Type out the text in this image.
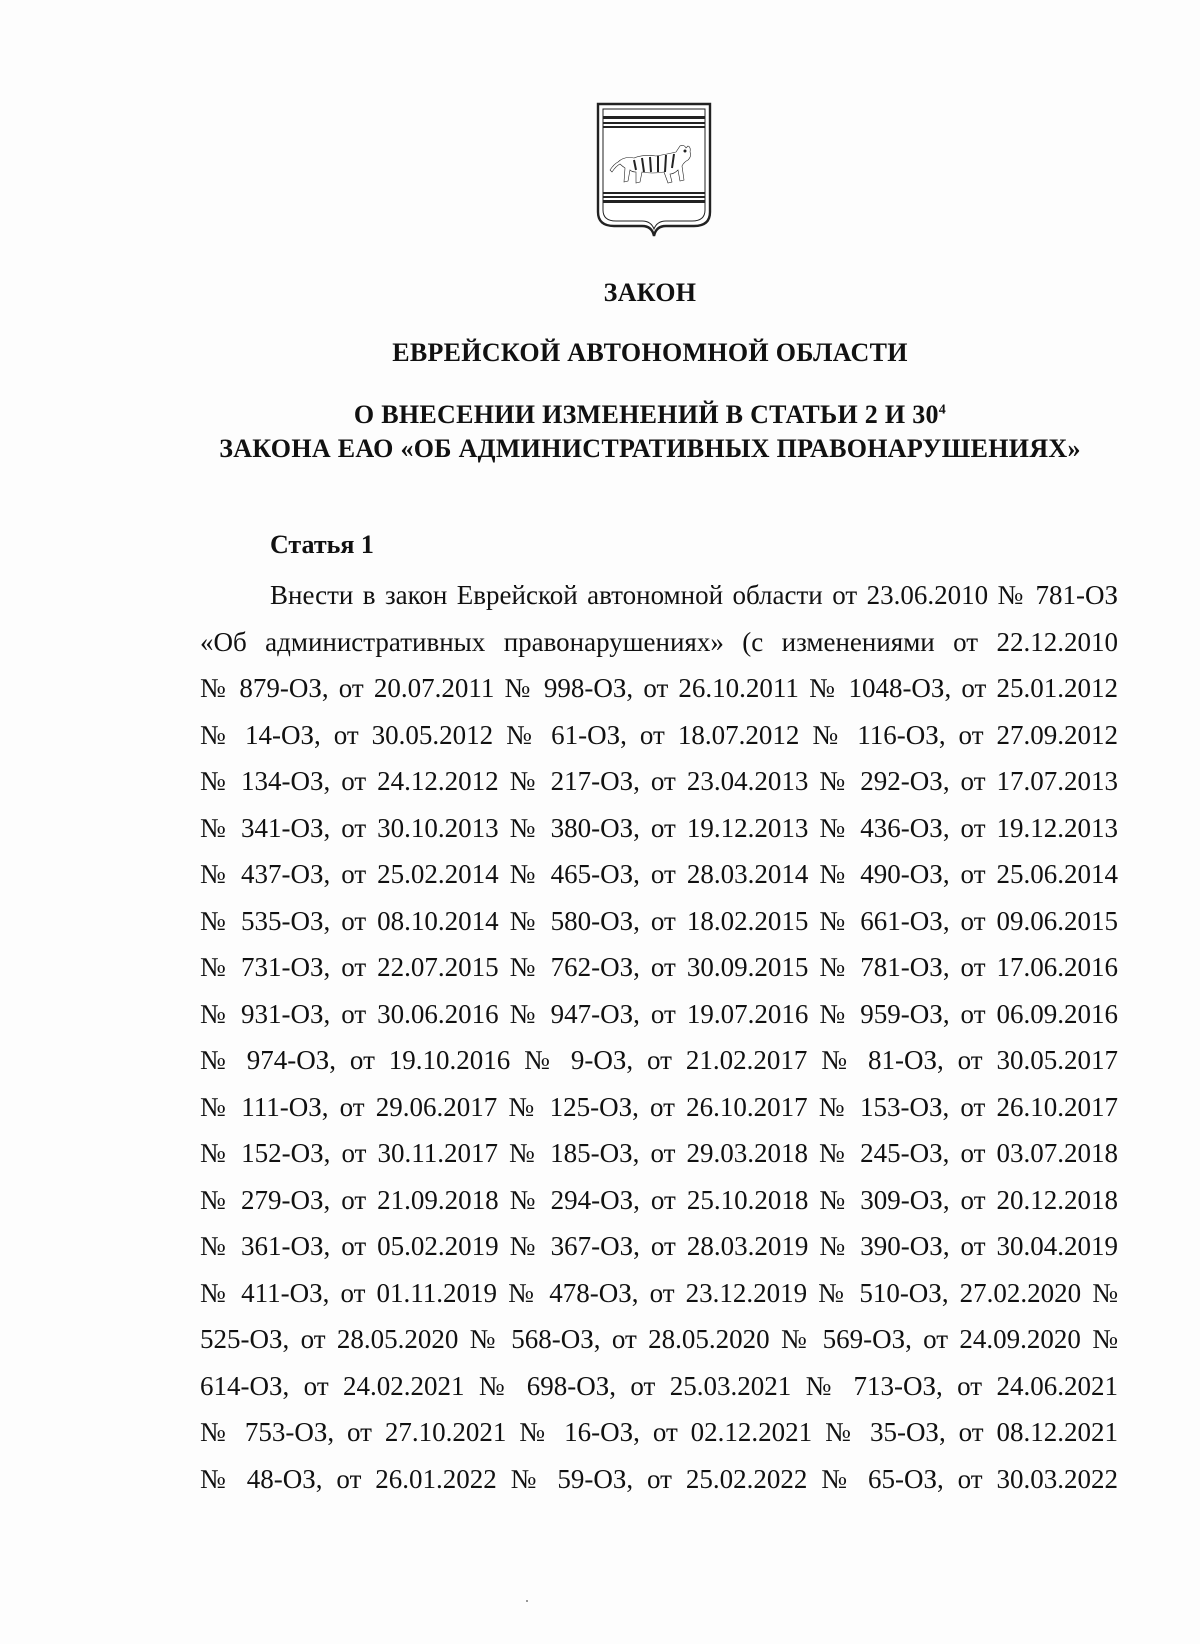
ЗАКОН
ЕВРЕЙСКОЙ АВТОНОМНОЙ ОБЛАСТИ
О ВНЕСЕНИИ ИЗМЕНЕНИЙ В СТАТЬИ 2 И $30^4$
ЗАКОНА ЕАО «ОБ АДМИНИСТРАТИВНЫХ ПРАВОНАРУШЕНИЯХ»
Статья 1
Внести в закон Еврейской автономной области от 23.06.2010 № 781-ОЗ
«Об административных правонарушениях» (с изменениями от 22.12.2010
№ 879-ОЗ, от 20.07.2011 № 998-ОЗ, от 26.10.2011 № 1048-ОЗ, от 25.01.2012
№ 14-ОЗ, от 30.05.2012 № 61-ОЗ, от 18.07.2012 № 116-ОЗ, от 27.09.2012
№ 134-ОЗ, от 24.12.2012 № 217-ОЗ, от 23.04.2013 № 292-ОЗ, от 17.07.2013
№ 341-ОЗ, от 30.10.2013 № 380-ОЗ, от 19.12.2013 № 436-ОЗ, от 19.12.2013
№ 437-ОЗ, от 25.02.2014 № 465-ОЗ, от 28.03.2014 № 490-ОЗ, от 25.06.2014
№ 535-ОЗ, от 08.10.2014 № 580-ОЗ, от 18.02.2015 № 661-ОЗ, от 09.06.2015
№ 731-ОЗ, от 22.07.2015 № 762-ОЗ, от 30.09.2015 № 781-ОЗ, от 17.06.2016
№ 931-ОЗ, от 30.06.2016 № 947-ОЗ, от 19.07.2016 № 959-ОЗ, от 06.09.2016
№ 974-ОЗ, от 19.10.2016 № 9-ОЗ, от 21.02.2017 № 81-ОЗ, от 30.05.2017
№ 111-ОЗ, от 29.06.2017 № 125-ОЗ, от 26.10.2017 № 153-ОЗ, от 26.10.2017
№ 152-ОЗ, от 30.11.2017 № 185-ОЗ, от 29.03.2018 № 245-ОЗ, от 03.07.2018
№ 279-ОЗ, от 21.09.2018 № 294-ОЗ, от 25.10.2018 № 309-ОЗ, от 20.12.2018
№ 361-ОЗ, от 05.02.2019 № 367-ОЗ, от 28.03.2019 № 390-ОЗ, от 30.04.2019
№ 411-ОЗ, от 01.11.2019 № 478-ОЗ, от 23.12.2019 № 510-ОЗ, 27.02.2020 №
525-ОЗ, от 28.05.2020 № 568-ОЗ, от 28.05.2020 № 569-ОЗ, от 24.09.2020 №
614-ОЗ, от 24.02.2021 № 698-ОЗ, от 25.03.2021 № 713-ОЗ, от 24.06.2021
№ 753-ОЗ, от 27.10.2021 № 16-ОЗ, от 02.12.2021 № 35-ОЗ, от 08.12.2021
№ 48-ОЗ, от 26.01.2022 № 59-ОЗ, от 25.02.2022 № 65-ОЗ, от 30.03.2022
